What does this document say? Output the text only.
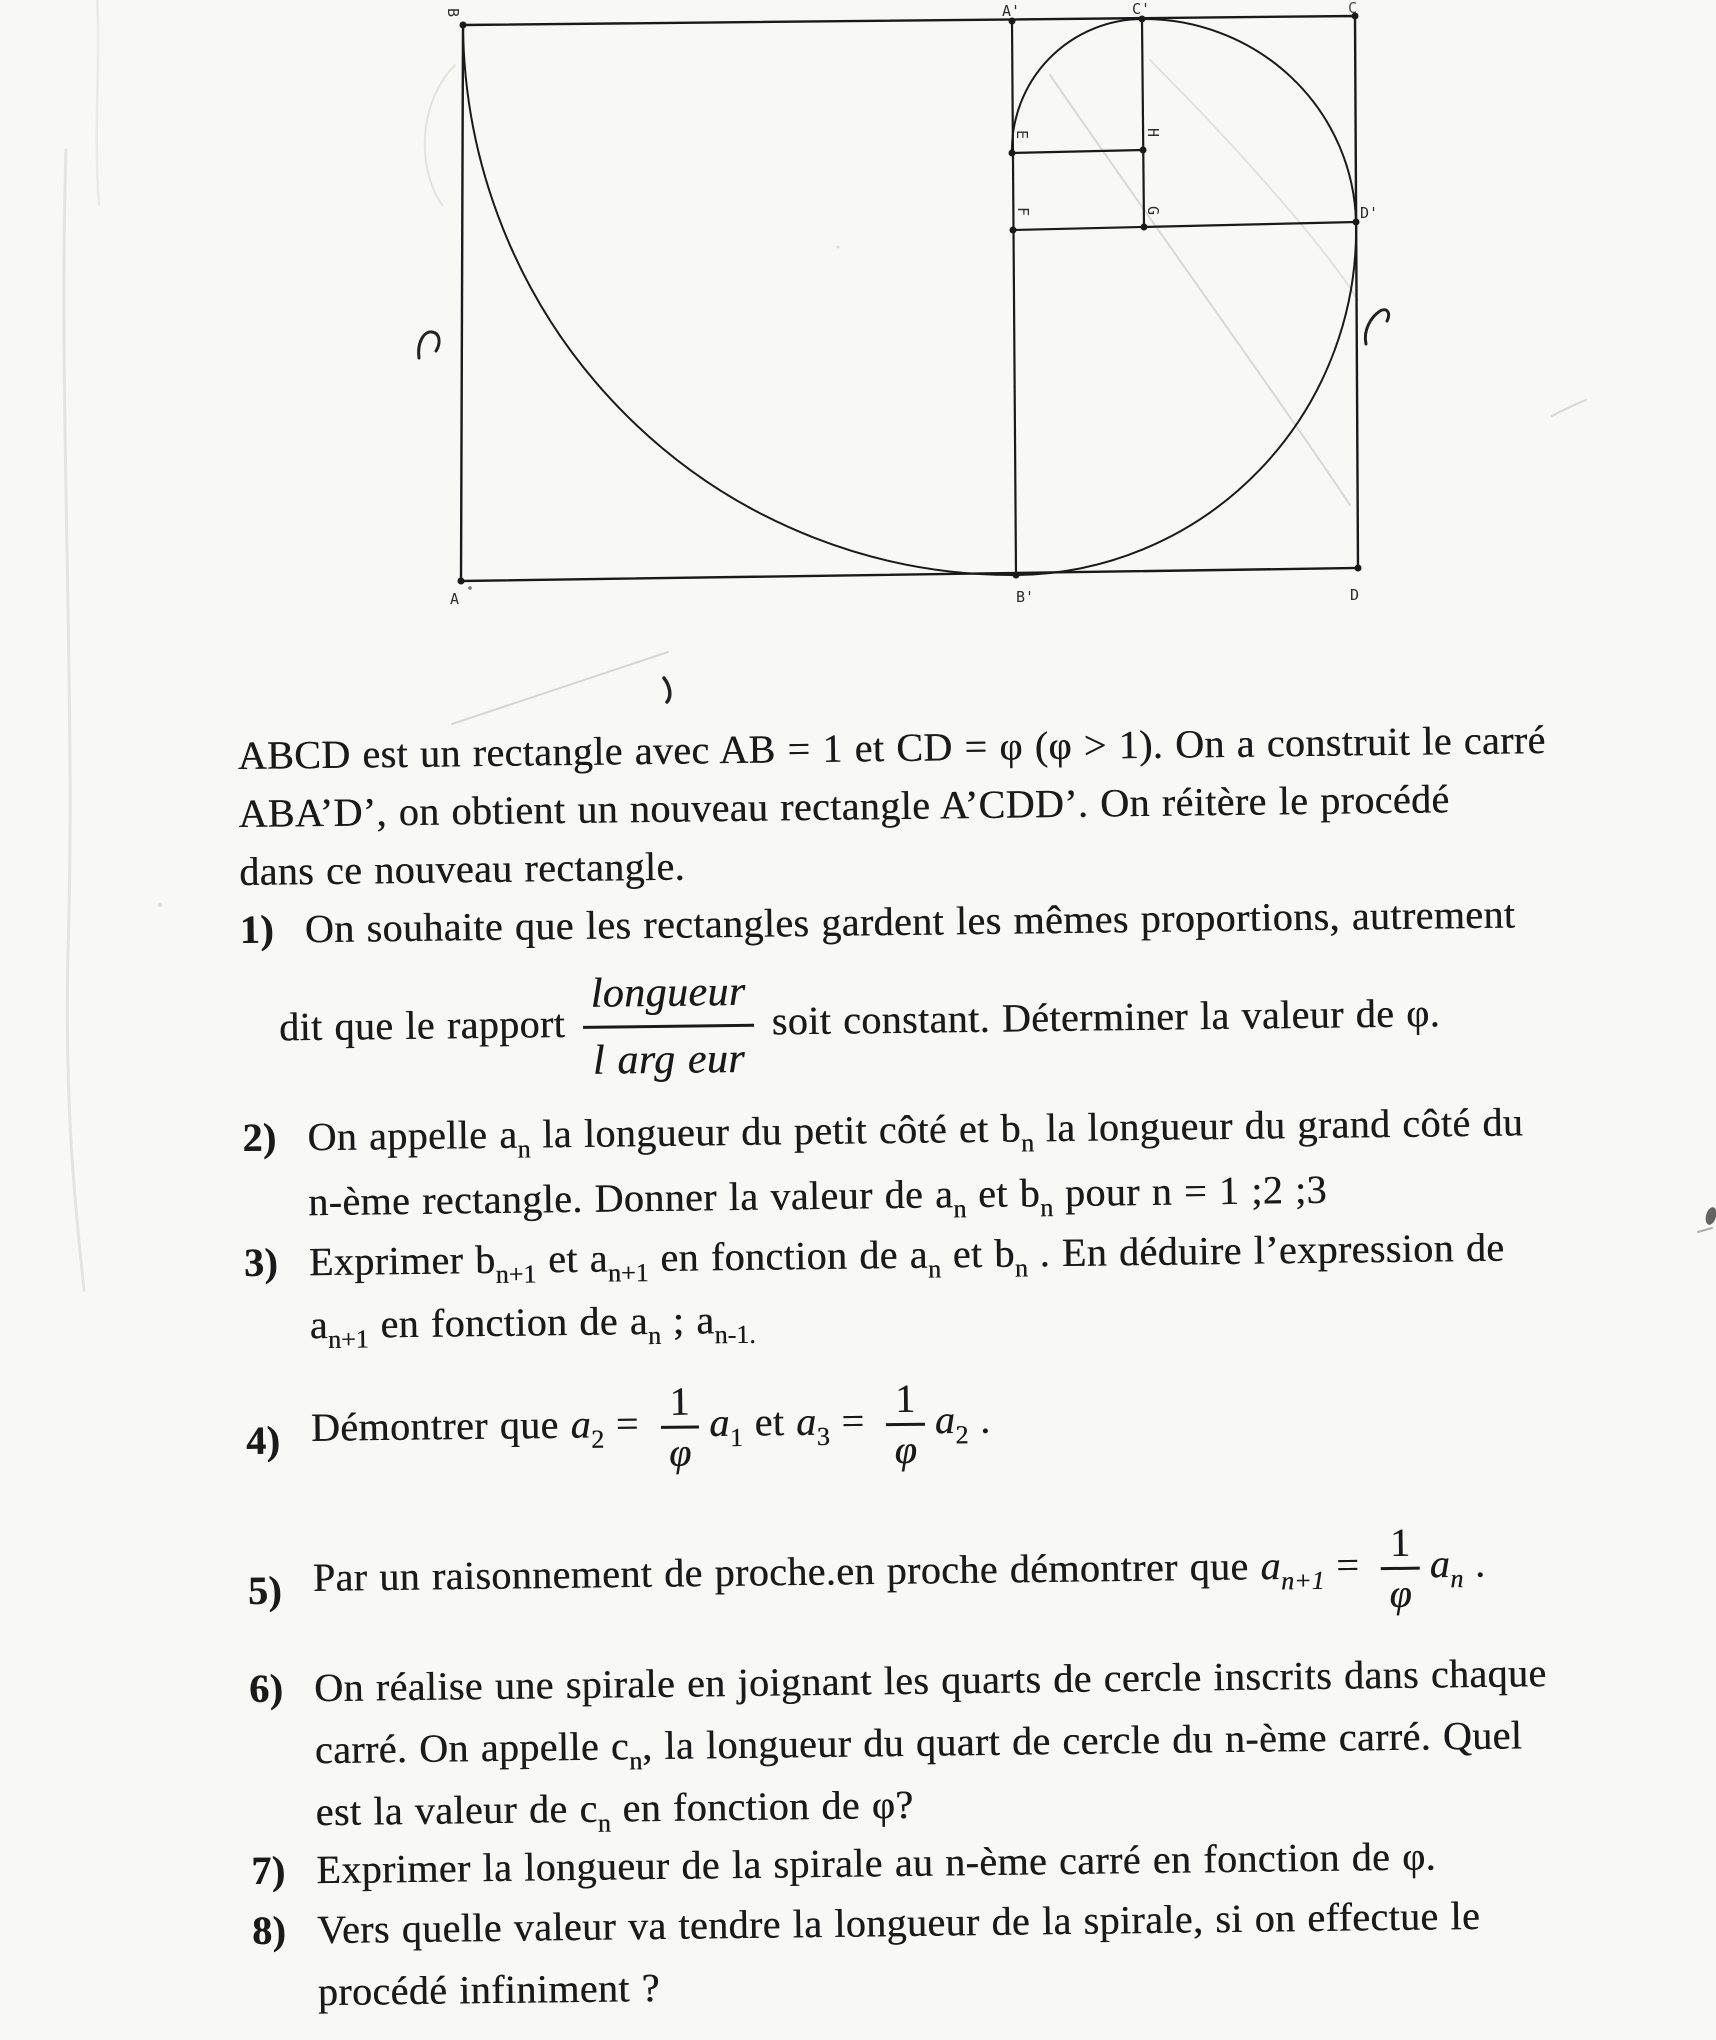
B	A'	C'	C
E	H
F	G	D'
A	B'	D
ABCD est un rectangle avec AB = 1 et CD = φ (φ > 1). On a construit le carré
ABA’D’, on obtient un nouveau rectangle A’CDD’. On réitère le procédé
dans ce nouveau rectangle.
1) On souhaite que les rectangles gardent les mêmes proportions, autrement
dit que le rapport
longueur
l arg eur
soit constant. Déterminer la valeur de φ.
2) On appelle $a_n$ la longueur du petit côté et $b_n$ la longueur du grand côté du
n-ème rectangle. Donner la valeur de $a_n$ et $b_n$ pour n = 1 ;2 ;3
3) Exprimer $b_{n+1}$ et $a_{n+1}$ en fonction de $a_n$ et $b_n$ . En déduire l’expression de
$a_{n+1}$ en fonction de $a_n$ ; $a_{n-1.}$
4) Démontrer que $a_2 = \frac{1}{\varphi} a_1$ et $a_3 = \frac{1}{\varphi} a_2$ .
5) Par un raisonnement de proche.en proche démontrer que $a_{n+1} = \frac{1}{\varphi} a_n$ .
6) On réalise une spirale en joignant les quarts de cercle inscrits dans chaque
carré. On appelle $c_n$, la longueur du quart de cercle du n-ème carré. Quel
est la valeur de $c_n$ en fonction de φ?
7) Exprimer la longueur de la spirale au n-ème carré en fonction de φ.
8) Vers quelle valeur va tendre la longueur de la spirale, si on effectue le
procédé infiniment ?
